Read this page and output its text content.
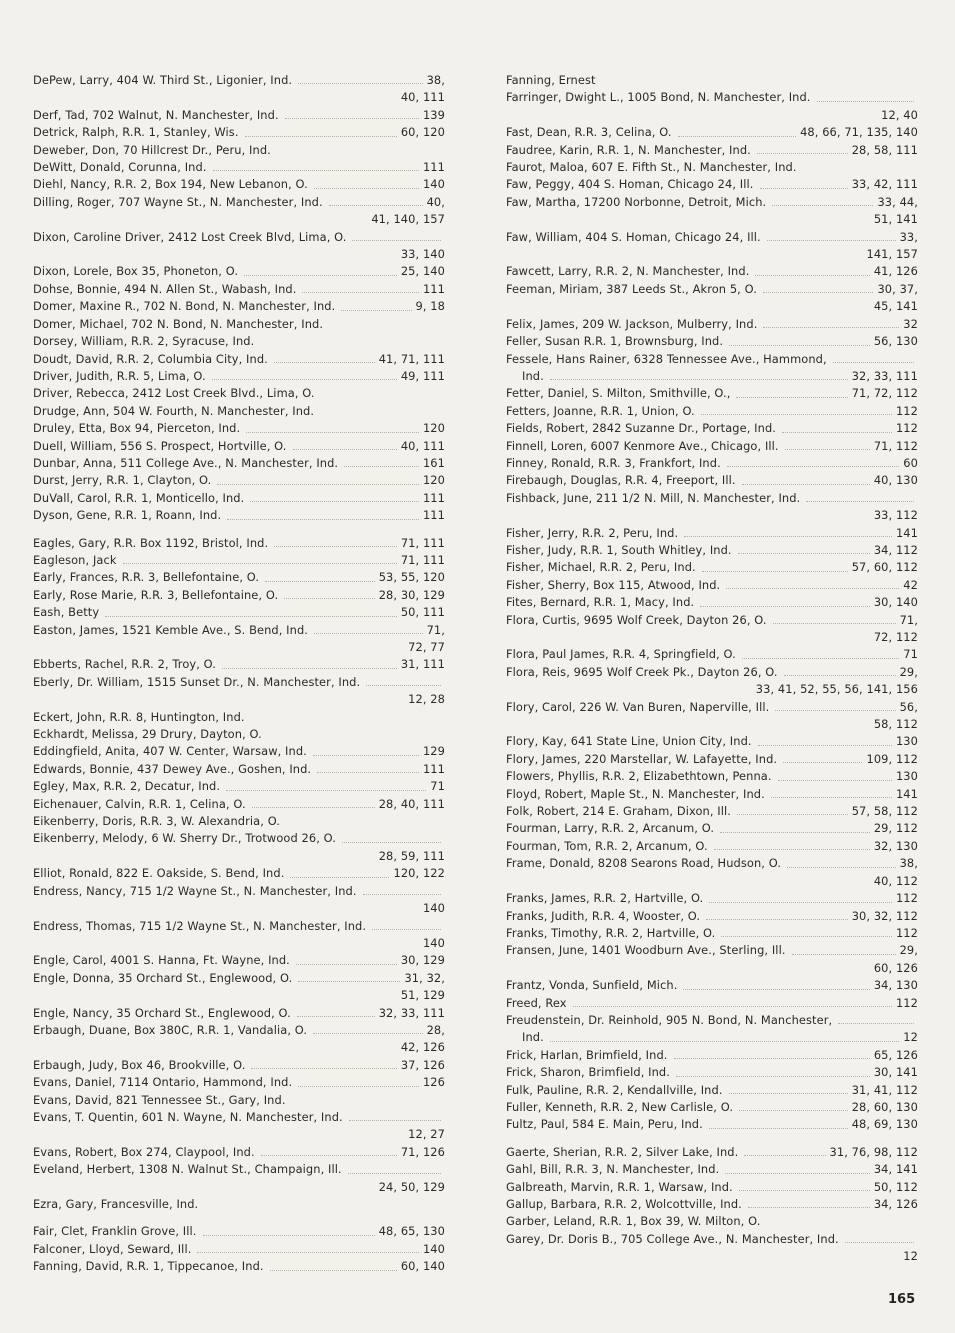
DePew, Larry, 404 W. Third St., Ligonier, Ind.	38,
40, 111
Derf, Tad, 702 Walnut, N. Manchester, Ind.	139
Detrick, Ralph, R.R. 1, Stanley, Wis.	60, 120
Deweber, Don, 70 Hillcrest Dr., Peru, Ind.
DeWitt, Donald, Corunna, Ind.	111
Diehl, Nancy, R.R. 2, Box 194, New Lebanon, O.	140
Dilling, Roger, 707 Wayne St., N. Manchester, Ind.	40,
41, 140, 157
Dixon, Caroline Driver, 2412 Lost Creek Blvd, Lima, O.
33, 140
Dixon, Lorele, Box 35, Phoneton, O.	25, 140
Dohse, Bonnie, 494 N. Allen St., Wabash, Ind.	111
Domer, Maxine R., 702 N. Bond, N. Manchester, Ind.	9, 18
Domer, Michael, 702 N. Bond, N. Manchester, Ind.
Dorsey, William, R.R. 2, Syracuse, Ind.
Doudt, David, R.R. 2, Columbia City, Ind.	41, 71, 111
Driver, Judith, R.R. 5, Lima, O.	49, 111
Driver, Rebecca, 2412 Lost Creek Blvd., Lima, O.
Drudge, Ann, 504 W. Fourth, N. Manchester, Ind.
Druley, Etta, Box 94, Pierceton, Ind.	120
Duell, William, 556 S. Prospect, Hortville, O.	40, 111
Dunbar, Anna, 511 College Ave., N. Manchester, Ind.	161
Durst, Jerry, R.R. 1, Clayton, O.	120
DuVall, Carol, R.R. 1, Monticello, Ind.	111
Dyson, Gene, R.R. 1, Roann, Ind.	111
Eagles, Gary, R.R. Box 1192, Bristol, Ind.	71, 111
Eagleson, Jack	71, 111
Early, Frances, R.R. 3, Bellefontaine, O.	53, 55, 120
Early, Rose Marie, R.R. 3, Bellefontaine, O.	28, 30, 129
Eash, Betty	50, 111
Easton, James, 1521 Kemble Ave., S. Bend, Ind.	71,
72, 77
Ebberts, Rachel, R.R. 2, Troy, O.	31, 111
Eberly, Dr. William, 1515 Sunset Dr., N. Manchester, Ind.
12, 28
Eckert, John, R.R. 8, Huntington, Ind.
Eckhardt, Melissa, 29 Drury, Dayton, O.
Eddingfield, Anita, 407 W. Center, Warsaw, Ind.	129
Edwards, Bonnie, 437 Dewey Ave., Goshen, Ind.	111
Egley, Max, R.R. 2, Decatur, Ind.	71
Eichenauer, Calvin, R.R. 1, Celina, O.	28, 40, 111
Eikenberry, Doris, R.R. 3, W. Alexandria, O.
Eikenberry, Melody, 6 W. Sherry Dr., Trotwood 26, O.
28, 59, 111
Elliot, Ronald, 822 E. Oakside, S. Bend, Ind.	120, 122
Endress, Nancy, 715 1/2 Wayne St., N. Manchester, Ind.
140
Endress, Thomas, 715 1/2 Wayne St., N. Manchester, Ind.
140
Engle, Carol, 4001 S. Hanna, Ft. Wayne, Ind.	30, 129
Engle, Donna, 35 Orchard St., Englewood, O.	31, 32,
51, 129
Engle, Nancy, 35 Orchard St., Englewood, O.	32, 33, 111
Erbaugh, Duane, Box 380C, R.R. 1, Vandalia, O.	28,
42, 126
Erbaugh, Judy, Box 46, Brookville, O.	37, 126
Evans, Daniel, 7114 Ontario, Hammond, Ind.	126
Evans, David, 821 Tennessee St., Gary, Ind.
Evans, T. Quentin, 601 N. Wayne, N. Manchester, Ind.
12, 27
Evans, Robert, Box 274, Claypool, Ind.	71, 126
Eveland, Herbert, 1308 N. Walnut St., Champaign, Ill.
24, 50, 129
Ezra, Gary, Francesville, Ind.
Fair, Clet, Franklin Grove, Ill.	48, 65, 130
Falconer, Lloyd, Seward, Ill.	140
Fanning, David, R.R. 1, Tippecanoe, Ind.	60, 140
Fanning, Ernest
Farringer, Dwight L., 1005 Bond, N. Manchester, Ind.
12, 40
Fast, Dean, R.R. 3, Celina, O.	48, 66, 71, 135, 140
Faudree, Karin, R.R. 1, N. Manchester, Ind.	28, 58, 111
Faurot, Maloa, 607 E. Fifth St., N. Manchester, Ind.
Faw, Peggy, 404 S. Homan, Chicago 24, Ill.	33, 42, 111
Faw, Martha, 17200 Norbonne, Detroit, Mich.	33, 44,
51, 141
Faw, William, 404 S. Homan, Chicago 24, Ill.	33,
141, 157
Fawcett, Larry, R.R. 2, N. Manchester, Ind.	41, 126
Feeman, Miriam, 387 Leeds St., Akron 5, O.	30, 37,
45, 141
Felix, James, 209 W. Jackson, Mulberry, Ind.	32
Feller, Susan R.R. 1, Brownsburg, Ind.	56, 130
Fessele, Hans Rainer, 6328 Tennessee Ave., Hammond,
Ind.	32, 33, 111
Fetter, Daniel, S. Milton, Smithville, O.,	71, 72, 112
Fetters, Joanne, R.R. 1, Union, O.	112
Fields, Robert, 2842 Suzanne Dr., Portage, Ind.	112
Finnell, Loren, 6007 Kenmore Ave., Chicago, Ill.	71, 112
Finney, Ronald, R.R. 3, Frankfort, Ind.	60
Firebaugh, Douglas, R.R. 4, Freeport, Ill.	40, 130
Fishback, June, 211 1/2 N. Mill, N. Manchester, Ind.
33, 112
Fisher, Jerry, R.R. 2, Peru, Ind.	141
Fisher, Judy, R.R. 1, South Whitley, Ind.	34, 112
Fisher, Michael, R.R. 2, Peru, Ind.	57, 60, 112
Fisher, Sherry, Box 115, Atwood, Ind.	42
Fites, Bernard, R.R. 1, Macy, Ind.	30, 140
Flora, Curtis, 9695 Wolf Creek, Dayton 26, O.	71,
72, 112
Flora, Paul James, R.R. 4, Springfield, O.	71
Flora, Reis, 9695 Wolf Creek Pk., Dayton 26, O.	29,
33, 41, 52, 55, 56, 141, 156
Flory, Carol, 226 W. Van Buren, Naperville, Ill.	56,
58, 112
Flory, Kay, 641 State Line, Union City, Ind.	130
Flory, James, 220 Marstellar, W. Lafayette, Ind.	109, 112
Flowers, Phyllis, R.R. 2, Elizabethtown, Penna.	130
Floyd, Robert, Maple St., N. Manchester, Ind.	141
Folk, Robert, 214 E. Graham, Dixon, Ill.	57, 58, 112
Fourman, Larry, R.R. 2, Arcanum, O.	29, 112
Fourman, Tom, R.R. 2, Arcanum, O.	32, 130
Frame, Donald, 8208 Searons Road, Hudson, O.	38,
40, 112
Franks, James, R.R. 2, Hartville, O.	112
Franks, Judith, R.R. 4, Wooster, O.	30, 32, 112
Franks, Timothy, R.R. 2, Hartville, O.	112
Fransen, June, 1401 Woodburn Ave., Sterling, Ill.	29,
60, 126
Frantz, Vonda, Sunfield, Mich.	34, 130
Freed, Rex	112
Freudenstein, Dr. Reinhold, 905 N. Bond, N. Manchester,
Ind.	12
Frick, Harlan, Brimfield, Ind.	65, 126
Frick, Sharon, Brimfield, Ind.	30, 141
Fulk, Pauline, R.R. 2, Kendallville, Ind.	31, 41, 112
Fuller, Kenneth, R.R. 2, New Carlisle, O.	28, 60, 130
Fultz, Paul, 584 E. Main, Peru, Ind.	48, 69, 130
Gaerte, Sherian, R.R. 2, Silver Lake, Ind.	31, 76, 98, 112
Gahl, Bill, R.R. 3, N. Manchester, Ind.	34, 141
Galbreath, Marvin, R.R. 1, Warsaw, Ind.	50, 112
Gallup, Barbara, R.R. 2, Wolcottville, Ind.	34, 126
Garber, Leland, R.R. 1, Box 39, W. Milton, O.
Garey, Dr. Doris B., 705 College Ave., N. Manchester, Ind.
12
165
